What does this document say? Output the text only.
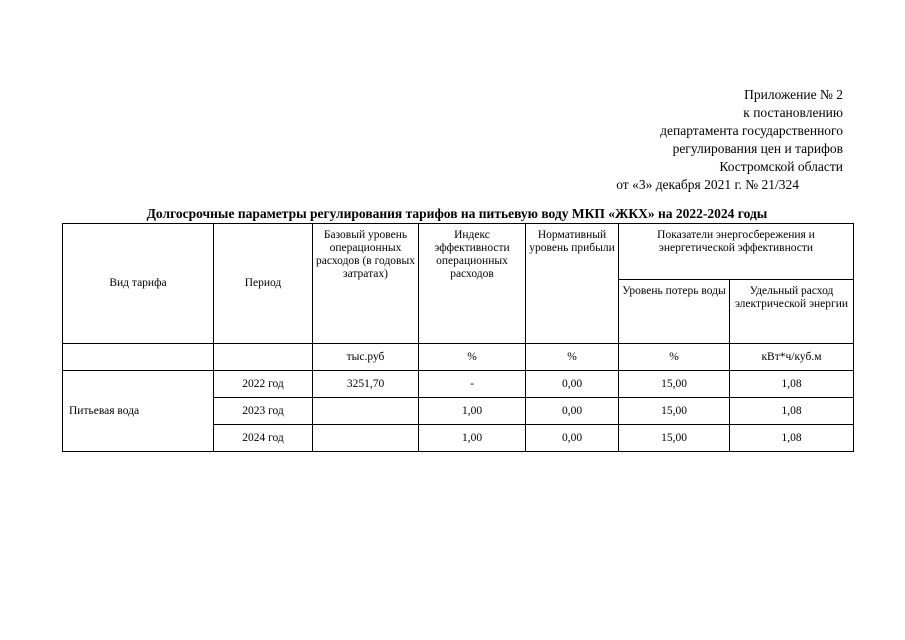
Приложение № 2
к постановлению
департамента государственного
регулирования цен и тарифов
Костромской области
от «3» декабря 2021 г. № 21/324
Долгосрочные параметры регулирования тарифов на питьевую воду МКП «ЖКХ» на 2022-2024 годы
Вид тарифа	Период	Базовый уровень операционных расходов (в годовых затратах)	Индекс эффективности операционных расходов	Нормативный уровень прибыли	Показатели энергосбережения и энергетической эффективности	
					Уровень потерь воды	Удельный расход электрической энергии
		тыс.руб	%	%	%	кВт*ч/куб.м
Питьевая вода	2022 год	3251,70	-	0,00	15,00	1,08
	2023 год		1,00	0,00	15,00	1,08
	2024 год		1,00	0,00	15,00	1,08
